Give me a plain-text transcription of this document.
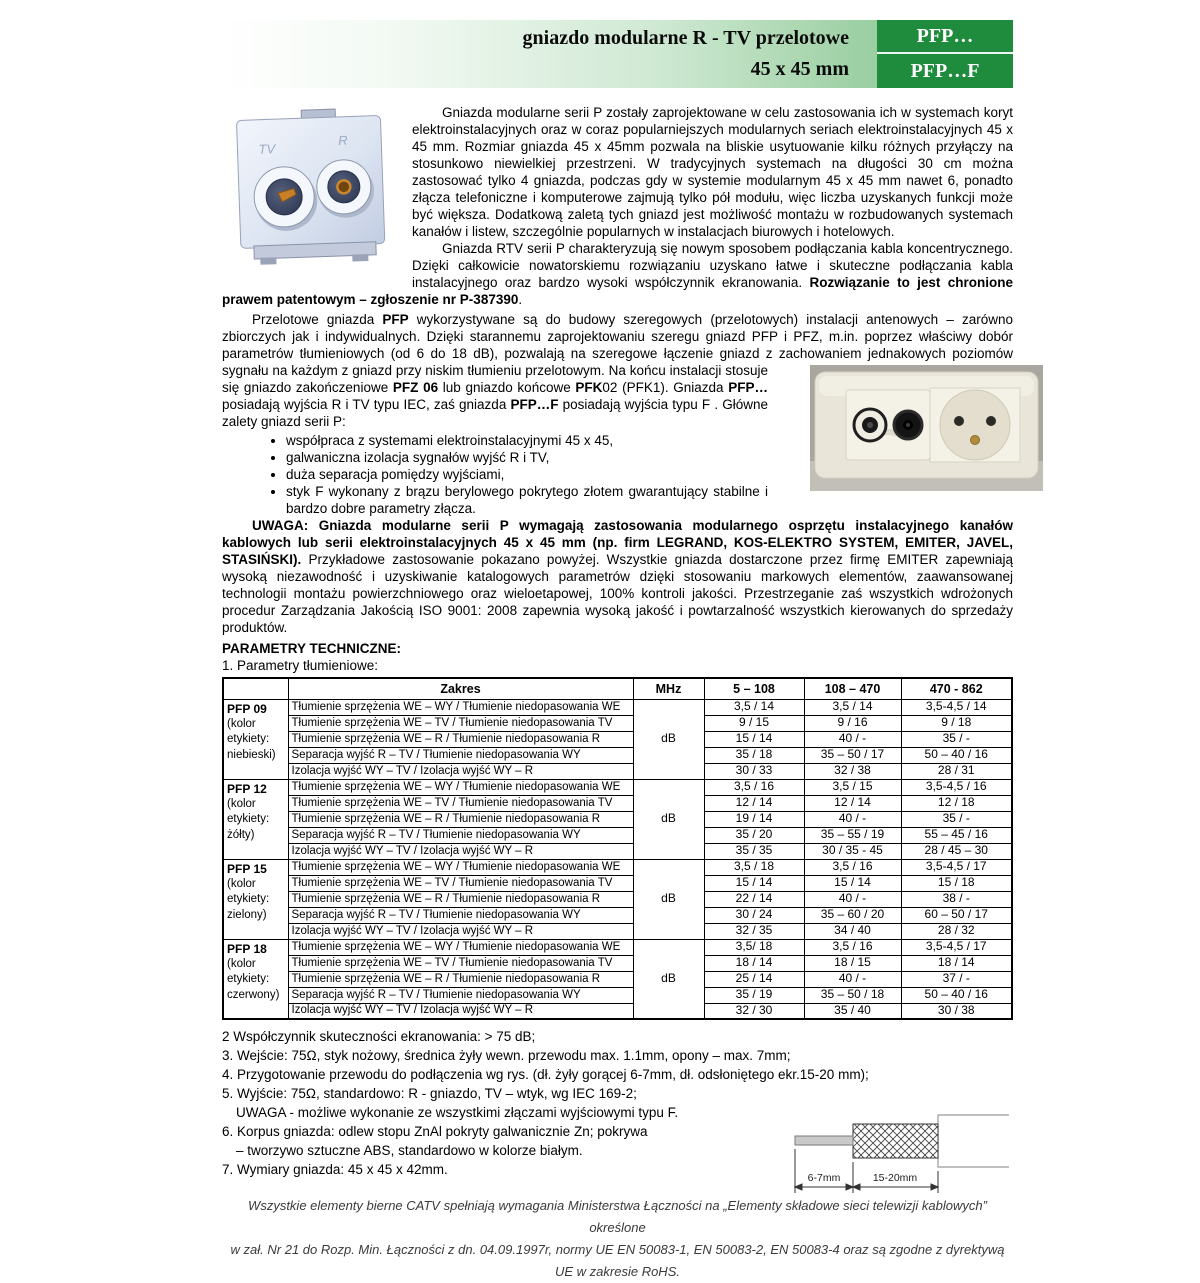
gniazdo modularne R - TV przelotowe
45 x 45 mm
PFP…
PFP…F
TV
R

Gniazda modularne serii P zostały zaprojektowane w celu zastosowania ich w systemach koryt elektroinstalacyjnych oraz w coraz popularniejszych modularnych seriach elektroinstalacyjnych 45 x 45 mm. Rozmiar gniazda 45 x 45mm pozwala na bliskie usytuowanie kilku różnych przyłączy na stosunkowo niewielkiej przestrzeni. W tradycyjnych systemach na długości 30 cm można zastosować tylko 4 gniazda, podczas gdy w systemie modularnym 45 x 45 mm nawet 6, ponadto złącza telefoniczne i komputerowe zajmują tylko pół modułu, więc liczba uzyskanych funkcji może być większa. Dodatkową zaletą tych gniazd jest możliwość montażu w rozbudowanych systemach kanałów i listew, szczególnie popularnych w instalacjach biurowych i hotelowych.

Gniazda RTV serii P charakteryzują się nowym sposobem podłączania kabla koncentrycznego. Dzięki całkowicie nowatorskiemu rozwiązaniu uzyskano łatwe i skuteczne podłączania kabla instalacyjnego oraz bardzo wysoki współczynnik ekranowania. Rozwiązanie to jest chronione prawem patentowym – zgłoszenie nr P-387390.

Przelotowe gniazda PFP wykorzystywane są do budowy szeregowych (przelotowych) instalacji antenowych – zarówno zbiorczych jak i indywidualnych. Dzięki starannemu zaprojektowaniu szeregu gniazd PFP i PFZ, m.in. poprzez właściwy dobór parametrów tłumieniowych (od 6 do 18 dB), pozwalają na szeregowe łączenie gniazd z zachowaniem jednakowych poziomów sygnału na każdym z gniazd przy niskim
tłumieniu przelotowym. Na końcu instalacji stosuje się gniazdo zakończeniowe PFZ 06 lub gniazdo końcowe PFK02 (PFK1). Gniazda PFP… posiadają wyjścia R i TV typu IEC, zaś gniazda PFP…F posiadają wyjścia typu F . Główne zalety gniazd serii P:

• współpraca z systemami elektroinstalacyjnymi 45 x 45,
• galwaniczna izolacja sygnałów wyjść R i TV,
• duża separacja pomiędzy wyjściami,
• styk F wykonany z brązu berylowego pokrytego złotem gwarantujący stabilne i bardzo dobre parametry złącza.

UWAGA: Gniazda modularne serii P wymagają zastosowania modularnego osprzętu instalacyjnego kanałów kablowych lub serii elektroinstalacyjnych 45 x 45 mm (np. firm LEGRAND, KOS-ELEKTRO SYSTEM, EMITER, JAVEL, STASIŃSKI). Przykładowe zastosowanie pokazano powyżej. Wszystkie gniazda dostarczone przez firmę EMITER zapewniają wysoką niezawodność i uzyskiwanie katalogowych parametrów dzięki stosowaniu markowych elementów, zaawansowanej technologii montażu powierzchniowego oraz wieloetapowej, 100% kontroli jakości. Przestrzeganie zaś wszystkich wdrożonych procedur Zarządzania Jakością ISO 9001: 2008 zapewnia wysoką jakość i powtarzalność wszystkich kierowanych do sprzedaży produktów.

PARAMETRY TECHNICZNE:
1. Parametry tłumieniowe:
	Zakres	MHz	5 – 108	108 – 470	470 - 862

PFP 09
(kolor etykiety: niebieski)	Tłumienie sprzężenia WE – WY / Tłumienie niedopasowania WE	dB	3,5 / 14	3,5 / 14	3,5-4,5 / 14
	Tłumienie sprzężenia WE – TV / Tłumienie niedopasowania TV		9 / 15	9 / 16	9 / 18
	Tłumienie sprzężenia WE – R / Tłumienie niedopasowania R		15 / 14	40 / -	35 / -
	Separacja wyjść R – TV / Tłumienie niedopasowania WY		35 / 18	35 – 50 / 17	50 – 40 / 16
	Izolacja wyjść WY – TV / Izolacja wyjść WY – R		30 / 33	32 / 38	28 / 31

PFP 12
(kolor etykiety: żółty)	Tłumienie sprzężenia WE – WY / Tłumienie niedopasowania WE	dB	3,5 / 16	3,5 / 15	3,5-4,5 / 16
	Tłumienie sprzężenia WE – TV / Tłumienie niedopasowania TV		12 / 14	12 / 14	12 / 18
	Tłumienie sprzężenia WE – R / Tłumienie niedopasowania R		19 / 14	40 / -	35 / -
	Separacja wyjść R – TV / Tłumienie niedopasowania WY		35 / 20	35 – 55 / 19	55 – 45 / 16
	Izolacja wyjść WY – TV / Izolacja wyjść WY – R		35 / 35	30 / 35 - 45	28 / 45 – 30

PFP 15
(kolor etykiety: zielony)	Tłumienie sprzężenia WE – WY / Tłumienie niedopasowania WE	dB	3,5 / 18	3,5 / 16	3,5-4,5 / 17
	Tłumienie sprzężenia WE – TV / Tłumienie niedopasowania TV		15 / 14	15 / 14	15 / 18
	Tłumienie sprzężenia WE – R / Tłumienie niedopasowania R		22 / 14	40 / -	38 / -
	Separacja wyjść R – TV / Tłumienie niedopasowania WY		30 / 24	35 – 60 / 20	60 – 50 / 17
	Izolacja wyjść WY – TV / Izolacja wyjść WY – R		32 / 35	34 / 40	28 / 32

PFP 18
(kolor etykiety: czerwony)	Tłumienie sprzężenia WE – WY / Tłumienie niedopasowania WE	dB	3,5/ 18	3,5 / 16	3,5-4,5 / 17
	Tłumienie sprzężenia WE – TV / Tłumienie niedopasowania TV		18 / 14	18 / 15	18 / 14
	Tłumienie sprzężenia WE – R / Tłumienie niedopasowania R		25 / 14	40 / -	37 / -
	Separacja wyjść R – TV / Tłumienie niedopasowania WY		35 / 19	35 – 50 / 18	50 – 40 / 16
	Izolacja wyjść WY – TV / Izolacja wyjść WY – R		32 / 30	35 / 40	30 / 38
2 Współczynnik skuteczności ekranowania: > 75 dB;
3. Wejście: 75Ω, styk nożowy, średnica żyły wewn. przewodu max. 1.1mm, opony – max. 7mm;
4. Przygotowanie przewodu do podłączenia wg rys. (dł. żyły gorącej 6-7mm, dł. odsłoniętego ekr.15-20 mm);
5. Wyjście: 75Ω, standardowo: R - gniazdo, TV – wtyk, wg IEC 169-2;
UWAGA - możliwe wykonanie ze wszystkimi złączami wyjściowymi typu F.
6. Korpus gniazda: odlew stopu ZnAl pokryty galwanicznie Zn; pokrywa
– tworzywo sztuczne ABS, standardowo w kolorze białym.
7. Wymiary gniazda: 45 x 45 x 42mm.
6-7mm	15-20mm
Wszystkie elementy bierne CATV spełniają wymagania Ministerstwa Łączności na „Elementy składowe sieci telewizji kablowych” określone
w zał. Nr 21 do Rozp. Min. Łączności z dn. 04.09.1997r, normy UE EN 50083-1, EN 50083-2, EN 50083-4 oraz są zgodne z dyrektywą UE w zakresie RoHS.
